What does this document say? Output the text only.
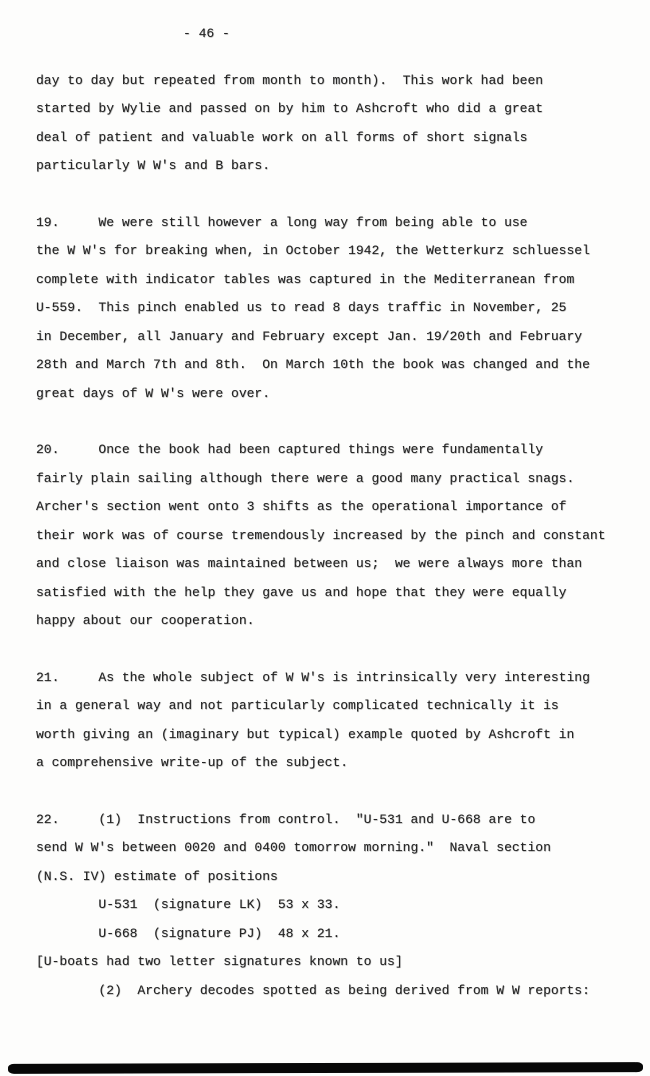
- 46 -
day to day but repeated from month to month).  This work had been
started by Wylie and passed on by him to Ashcroft who did a great
deal of patient and valuable work on all forms of short signals
particularly W W's and B bars.
19.     We were still however a long way from being able to use
the W W's for breaking when, in October 1942, the Wetterkurz schluessel
complete with indicator tables was captured in the Mediterranean from
U-559.  This pinch enabled us to read 8 days traffic in November, 25
in December, all January and February except Jan. 19/20th and February
28th and March 7th and 8th.  On March 10th the book was changed and the
great days of W W's were over.
20.     Once the book had been captured things were fundamentally
fairly plain sailing although there were a good many practical snags.
Archer's section went onto 3 shifts as the operational importance of
their work was of course tremendously increased by the pinch and constant
and close liaison was maintained between us;  we were always more than
satisfied with the help they gave us and hope that they were equally
happy about our cooperation.
21.     As the whole subject of W W's is intrinsically very interesting
in a general way and not particularly complicated technically it is
worth giving an (imaginary but typical) example quoted by Ashcroft in
a comprehensive write-up of the subject.
22.     (1)  Instructions from control.  "U-531 and U-668 are to
send W W's between 0020 and 0400 tomorrow morning."  Naval section
(N.S. IV) estimate of positions
U-531  (signature LK)  53 x 33.
U-668  (signature PJ)  48 x 21.
[U-boats had two letter signatures known to us]
(2)  Archery decodes spotted as being derived from W W reports:
